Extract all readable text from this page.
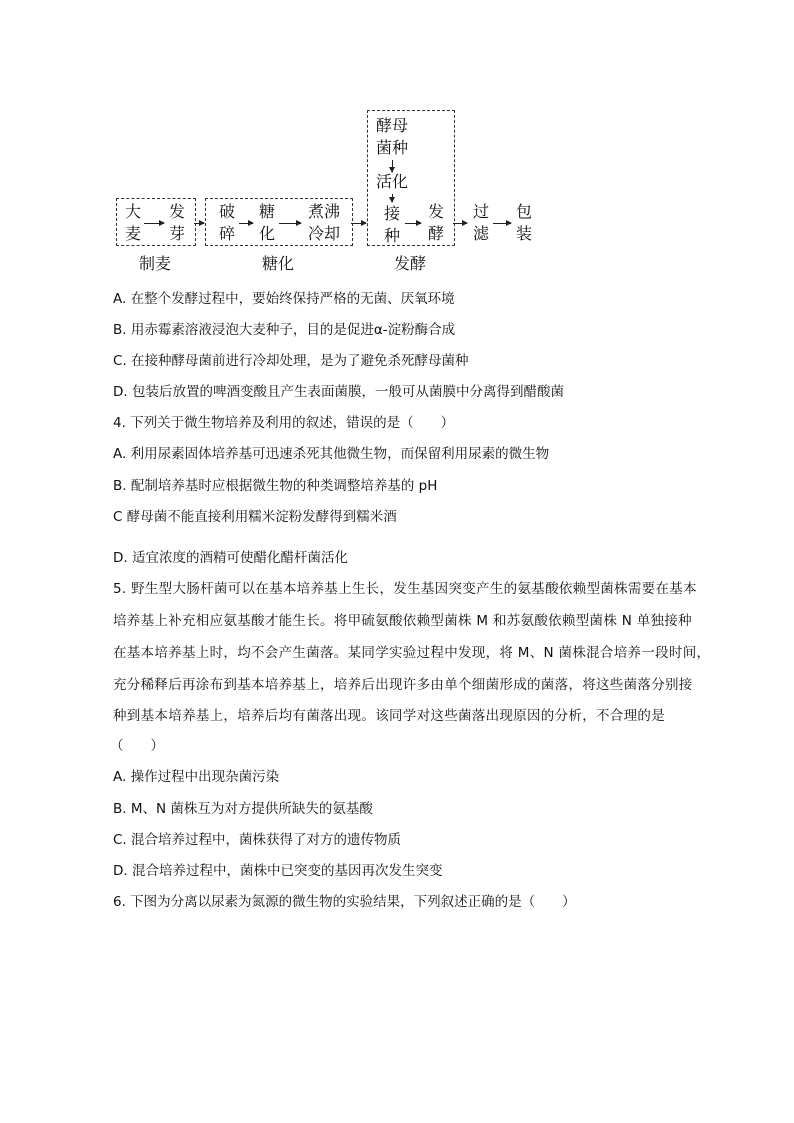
大
麦
发
芽
制麦
破
碎
糖
化
煮沸
冷却
糖化
酵母
菌种
活化
接
种
发
酵
发酵
过
滤
包
装
A. 在整个发酵过程中，要始终保持严格的无菌、厌氧环境
B. 用赤霉素溶液浸泡大麦种子，目的是促进α-淀粉酶合成
C. 在接种酵母菌前进行冷却处理，是为了避免杀死酵母菌种
D. 包装后放置的啤酒变酸且产生表面菌膜，一般可从菌膜中分离得到醋酸菌
4. 下列关于微生物培养及利用的叙述，错误的是（　　）
A. 利用尿素固体培养基可迅速杀死其他微生物，而保留利用尿素的微生物
B. 配制培养基时应根据微生物的种类调整培养基的 pH
C 酵母菌不能直接利用糯米淀粉发酵得到糯米酒
D. 适宜浓度的酒精可使醋化醋杆菌活化
5. 野生型大肠杆菌可以在基本培养基上生长，发生基因突变产生的氨基酸依赖型菌株需要在基本
培养基上补充相应氨基酸才能生长。将甲硫氨酸依赖型菌株 M 和苏氨酸依赖型菌株 N 单独接种
在基本培养基上时，均不会产生菌落。某同学实验过程中发现，将 M、N 菌株混合培养一段时间，
充分稀释后再涂布到基本培养基上，培养后出现许多由单个细菌形成的菌落，将这些菌落分别接
种到基本培养基上，培养后均有菌落出现。该同学对这些菌落出现原因的分析，不合理的是
（　　）
A. 操作过程中出现杂菌污染
B. M、N 菌株互为对方提供所缺失的氨基酸
C. 混合培养过程中，菌株获得了对方的遗传物质
D. 混合培养过程中，菌株中已突变的基因再次发生突变
6. 下图为分离以尿素为氮源的微生物的实验结果，下列叙述正确的是（　　）
